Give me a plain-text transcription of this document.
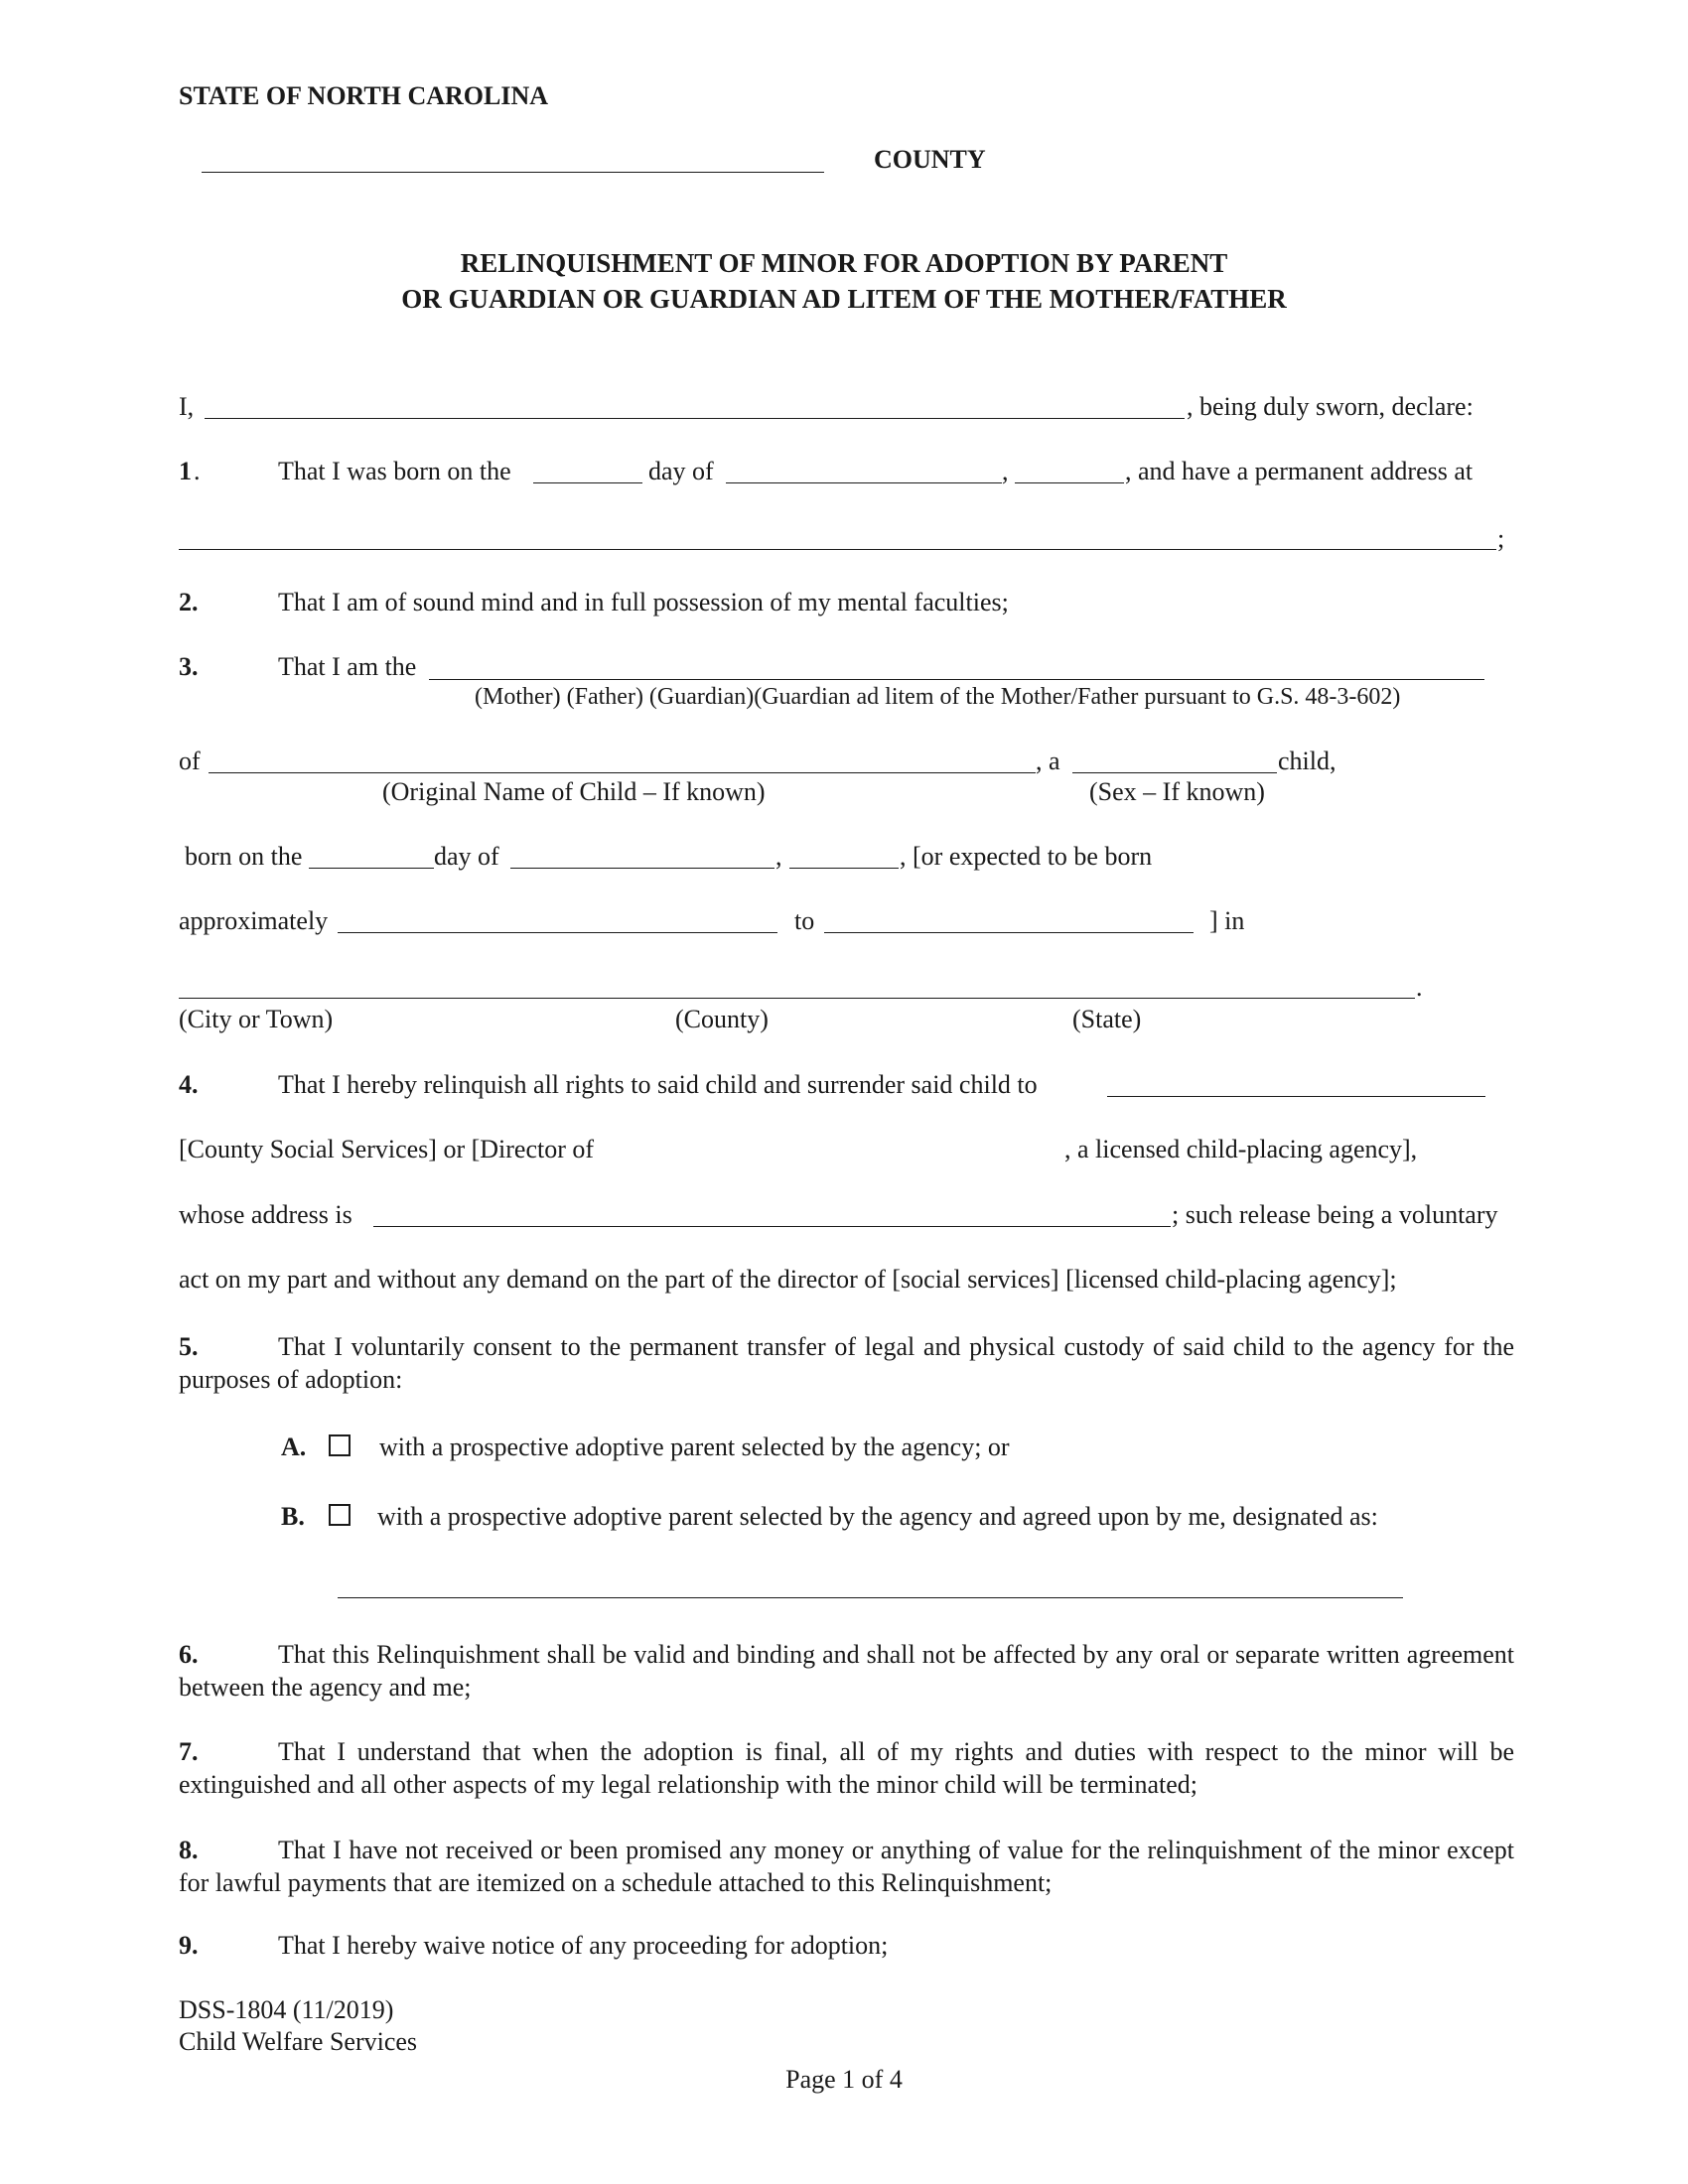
STATE OF NORTH CAROLINA
COUNTY
RELINQUISHMENT OF MINOR FOR ADOPTION BY PARENT
OR GUARDIAN OR GUARDIAN AD LITEM OF THE MOTHER/FATHER
I,	, being duly sworn, declare:
1 .	That I was born on the	day of	,	, and have a permanent address at
;
2.	That I am of sound mind and in full possession of my mental faculties;
3.	That I am the
(Mother) (Father) (Guardian)(Guardian ad litem of the Mother/Father pursuant to G.S. 48-3-602)
of	, a	child,
(Original Name of Child – If known)	(Sex – If known)
born on the	day of	,	, [or expected to be born
approximately	to	] in
.
(City or Town)	(County)	(State)
4.	That I hereby relinquish all rights to said child and surrender said child to
[County Social Services] or [Director of	, a licensed child-placing agency],
whose address is	; such release being a voluntary
act on my part and without any demand on the part of the director of [social services] [licensed child-placing agency];
5.	That I voluntarily consent to the permanent transfer of legal and physical custody of said child to the agency for the purposes of adoption:
A.	with a prospective adoptive parent selected by the agency; or
B.	with a prospective adoptive parent selected by the agency and agreed upon by me, designated as:
6.	That this Relinquishment shall be valid and binding and shall not be affected by any oral or separate written agreement between the agency and me;
7.	That I understand that when the adoption is final, all of my rights and duties with respect to the minor will be extinguished and all other aspects of my legal relationship with the minor child will be terminated;
8.	That I have not received or been promised any money or anything of value for the relinquishment of the minor except for lawful payments that are itemized on a schedule attached to this Relinquishment;
9.	That I hereby waive notice of any proceeding for adoption;
DSS-1804 (11/2019)
Child Welfare Services
Page 1 of 4
